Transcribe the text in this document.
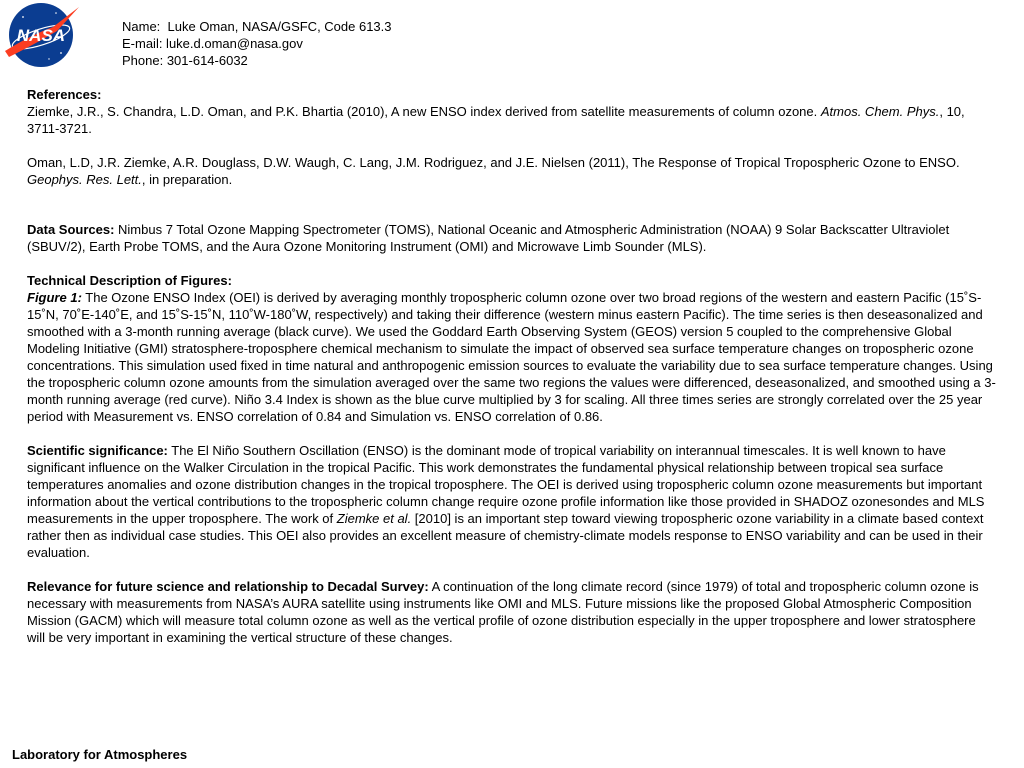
NASA	Name:  Luke Oman, NASA/GSFC, Code 613.3
E-mail: luke.d.oman@nasa.gov
Phone: 301-614-6032
References:

Ziemke, J.R., S. Chandra, L.D. Oman, and P.K. Bhartia (2010), A new ENSO index derived from satellite measurements of column ozone. Atmos. Chem. Phys., 10, 3711-3721.

Oman, L.D, J.R. Ziemke, A.R. Douglass, D.W. Waugh, C. Lang, J.M. Rodriguez, and J.E. Nielsen (2011), The Response of Tropical Tropospheric Ozone to ENSO. Geophys. Res. Lett., in preparation.

Data Sources: Nimbus 7 Total Ozone Mapping Spectrometer (TOMS), National Oceanic and Atmospheric Administration (NOAA) 9 Solar Backscatter Ultraviolet (SBUV/2), Earth Probe TOMS, and the Aura Ozone Monitoring Instrument (OMI) and Microwave Limb Sounder (MLS).

Technical Description of Figures:

Figure 1: The Ozone ENSO Index (OEI) is derived by averaging monthly tropospheric column ozone over two broad regions of the western and eastern Pacific (15˚S-15˚N, 70˚E-140˚E, and 15˚S-15˚N, 110˚W-180˚W, respectively) and taking their difference (western minus eastern Pacific). The time series is then deseasonalized and smoothed with a 3-month running average (black curve). We used the Goddard Earth Observing System (GEOS) version 5 coupled to the comprehensive Global Modeling Initiative (GMI) stratosphere-troposphere chemical mechanism to simulate the impact of observed sea surface temperature changes on tropospheric ozone concentrations. This simulation used fixed in time natural and anthropogenic emission sources to evaluate the variability due to sea surface temperature changes. Using the tropospheric column ozone amounts from the simulation averaged over the same two regions the values were differenced, deseasonalized, and smoothed using a 3-month running average (red curve). Niño 3.4 Index is shown as the blue curve multiplied by 3 for scaling. All three times series are strongly correlated over the 25 year period with Measurement vs. ENSO correlation of 0.84 and Simulation vs. ENSO correlation of 0.86.

Scientific significance: The El Niño Southern Oscillation (ENSO) is the dominant mode of tropical variability on interannual timescales. It is well known to have significant influence on the Walker Circulation in the tropical Pacific. This work demonstrates the fundamental physical relationship between tropical sea surface temperatures anomalies and ozone distribution changes in the tropical troposphere. The OEI is derived using tropospheric column ozone measurements but important information about the vertical contributions to the tropospheric column change require ozone profile information like those provided in SHADOZ ozonesondes and MLS measurements in the upper troposphere. The work of Ziemke et al. [2010] is an important step toward viewing tropospheric ozone variability in a climate based context rather then as individual case studies. This OEI also provides an excellent measure of chemistry-climate models response to ENSO variability and can be used in their evaluation.

Relevance for future science and relationship to Decadal Survey: A continuation of the long climate record (since 1979) of total and tropospheric column ozone is necessary with measurements from NASA’s AURA satellite using instruments like OMI and MLS. Future missions like the proposed Global Atmospheric Composition Mission (GACM) which will measure total column ozone as well as the vertical profile of ozone distribution especially in the upper troposphere and lower stratosphere will be very important in examining the vertical structure of these changes.

Laboratory for Atmospheres
